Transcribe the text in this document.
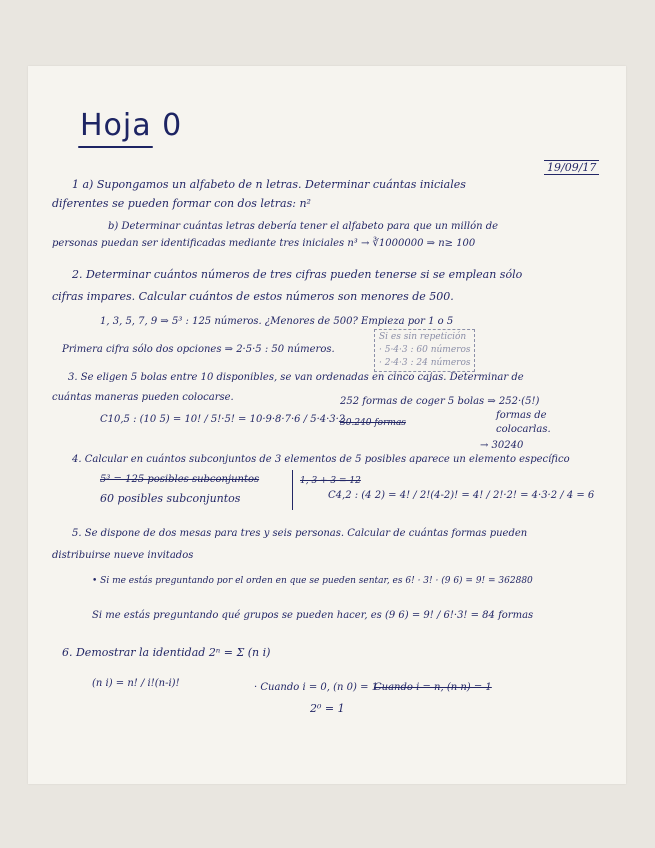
Hoja 0
19/09/17
1 a) Supongamos un alfabeto de n letras. Determinar cuántas iniciales
diferentes se pueden formar con dos letras: n²
b) Determinar cuántas letras debería tener el alfabeto para que un millón de
personas puedan ser identificadas mediante tres iniciales n³ → ∛1000000 ⇒ n≥ 100
2. Determinar cuántos números de tres cifras pueden tenerse si se emplean sólo
cifras impares. Calcular cuántos de estos números son menores de 500.
1, 3, 5, 7, 9 ⇒ 5³ : 125 números. ¿Menores de 500? Empieza por 1 o 5
Primera cifra sólo dos opciones ⇒ 2·5·5 : 50 números.
Si es sin repetición
· 5·4·3 : 60 números
· 2·4·3 : 24 números
3. Se eligen 5 bolas entre 10 disponibles, se van ordenadas en cinco cajas. Determinar de
cuántas maneras pueden colocarse.	252 formas de coger 5 bolas ⇒ 252·(5!)
formas de
colocarlas.
C10,5 : (10 5) = 10! / 5!·5! = 10·9·8·7·6 / 5·4·3·2
30.240 formas
→ 30240
4. Calcular en cuántos subconjuntos de 3 elementos de 5 posibles aparece un elemento específico
5³ = 125 posibles subconjuntos
60 posibles subconjuntos
1, 3 + 3 = 12
C4,2 : (4 2) = 4! / 2!(4-2)! = 4! / 2!·2! = 4·3·2 / 4 = 6
5. Se dispone de dos mesas para tres y seis personas. Calcular de cuántas formas pueden
distribuirse nueve invitados
• Si me estás preguntando por el orden en que se pueden sentar, es 6! · 3! · (9 6) = 9! = 362880
Si me estás preguntando qué grupos se pueden hacer, es (9 6) = 9! / 6!·3! = 84 formas
6. Demostrar la identidad 2ⁿ = Σ (n i)
(n i) = n! / i!(n-i)!	· Cuando i = 0, (n 0) = 1
Cuando i = n, (n n) = 1
2⁰ = 1
